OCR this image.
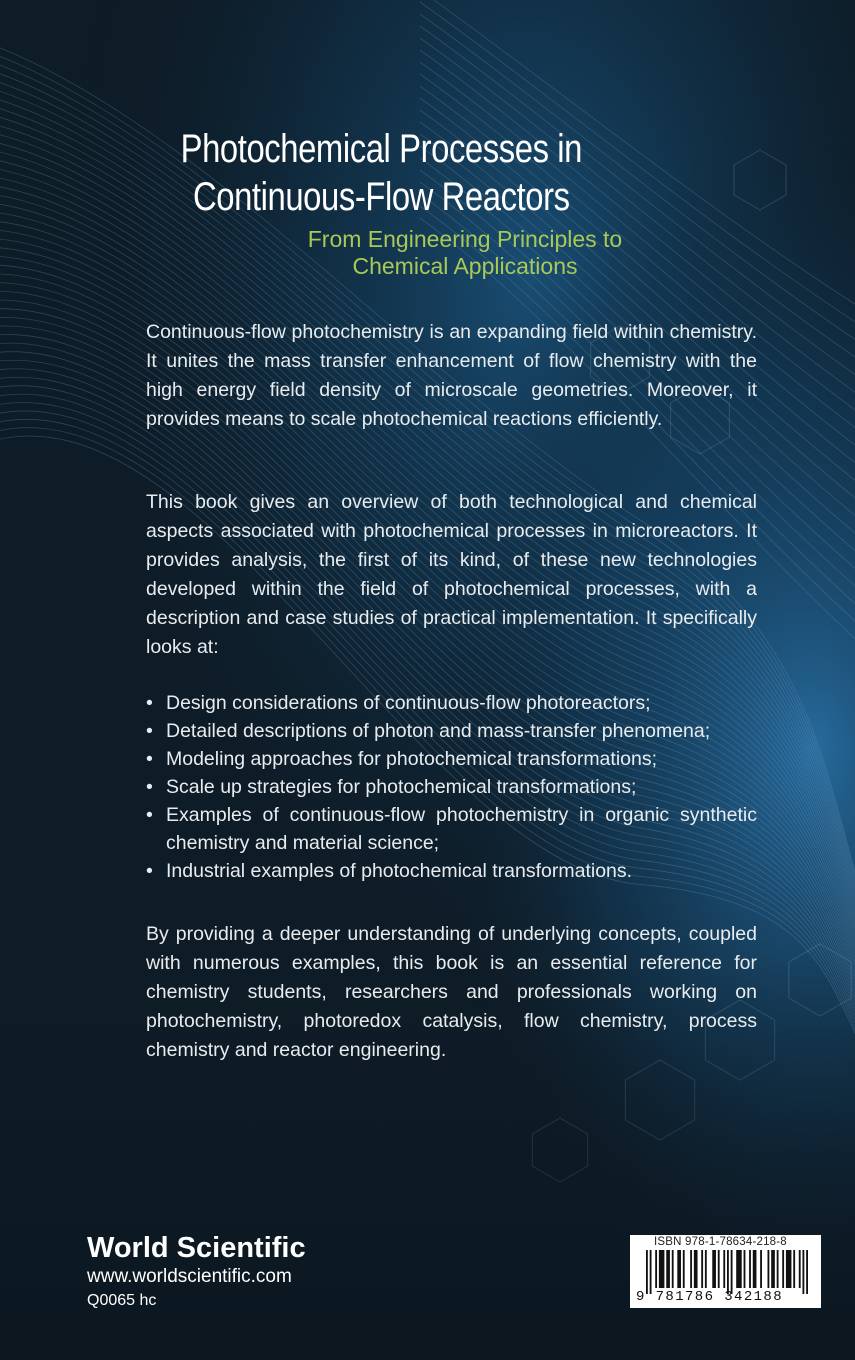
Photochemical Processes in
Continuous-Flow Reactors
From Engineering Principles to
Chemical Applications

Continuous-flow photochemistry is an expanding field within chemistry. It unites the mass transfer enhancement of flow chemistry with the high energy field density of microscale geometries. Moreover, it provides means to scale photochemical reactions efficiently.

This book gives an overview of both technological and chemical aspects associated with photochemical processes in microreactors. It provides analysis, the first of its kind, of these new technologies developed within the field of photochemical processes, with a description and case studies of practical implementation. It specifically looks at:

• Design considerations of continuous-flow photoreactors;
• Detailed descriptions of photon and mass-transfer phenomena;
• Modeling approaches for photochemical transformations;
• Scale up strategies for photochemical transformations;
• Examples of continuous-flow photochemistry in organic synthetic chemistry and material science;
• Industrial examples of photochemical transformations.

By providing a deeper understanding of underlying concepts, coupled with numerous examples, this book is an essential reference for chemistry students, researchers and professionals working on photochemistry, photoredox catalysis, flow chemistry, process chemistry and reactor engineering.

World Scientific
www.worldscientific.com
Q0065 hc
ISBN 978-1-78634-218-8
9 781786 342188
